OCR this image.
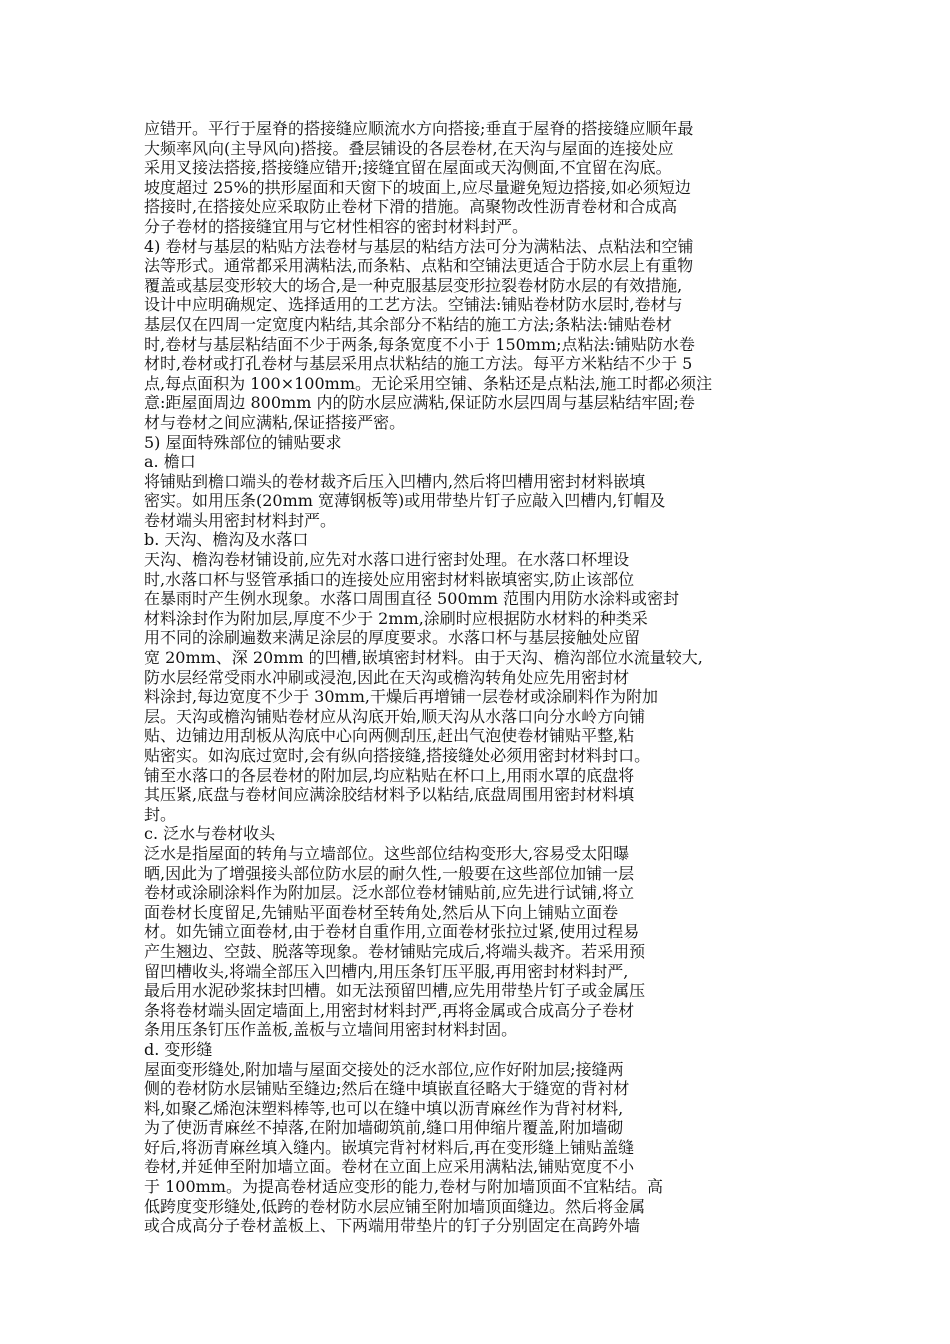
应错开。平行于屋脊的搭接缝应顺流水方向搭接;垂直于屋脊的搭接缝应顺年最
大频率风向(主导风向)搭接。叠层铺设的各层卷材,在天沟与屋面的连接处应
采用叉接法搭接,搭接缝应错开;接缝宜留在屋面或天沟侧面,不宜留在沟底。
坡度超过 25%的拱形屋面和天窗下的坡面上,应尽量避免短边搭接,如必须短边
搭接时,在搭接处应采取防止卷材下滑的措施。高聚物改性沥青卷材和合成高
分子卷材的搭接缝宜用与它材性相容的密封材料封严。
4) 卷材与基层的粘贴方法卷材与基层的粘结方法可分为满粘法、点粘法和空铺
法等形式。通常都采用满粘法,而条粘、点粘和空铺法更适合于防水层上有重物
覆盖或基层变形较大的场合,是一种克服基层变形拉裂卷材防水层的有效措施,
设计中应明确规定、选择适用的工艺方法。空铺法:铺贴卷材防水层时,卷材与
基层仅在四周一定宽度内粘结,其余部分不粘结的施工方法;条粘法:铺贴卷材
时,卷材与基层粘结面不少于两条,每条宽度不小于 150mm;点粘法:铺贴防水卷
材时,卷材或打孔卷材与基层采用点状粘结的施工方法。每平方米粘结不少于 5
点,每点面积为 100×100mm。无论采用空铺、条粘还是点粘法,施工时都必须注
意:距屋面周边 800mm 内的防水层应满粘,保证防水层四周与基层粘结牢固;卷
材与卷材之间应满粘,保证搭接严密。
5) 屋面特殊部位的铺贴要求
a. 檐口
将铺贴到檐口端头的卷材裁齐后压入凹槽内,然后将凹槽用密封材料嵌填
密实。如用压条(20mm 宽薄钢板等)或用带垫片钉子应敲入凹槽内,钉帽及
卷材端头用密封材料封严。
b. 天沟、檐沟及水落口
天沟、檐沟卷材铺设前,应先对水落口进行密封处理。在水落口杯埋设
时,水落口杯与竖管承插口的连接处应用密封材料嵌填密实,防止该部位
在暴雨时产生例水现象。水落口周围直径 500mm 范围内用防水涂料或密封
材料涂封作为附加层,厚度不少于 2mm,涂刷时应根据防水材料的种类采
用不同的涂刷遍数来满足涂层的厚度要求。水落口杯与基层接触处应留
宽 20mm、深 20mm 的凹槽,嵌填密封材料。由于天沟、檐沟部位水流量较大,
防水层经常受雨水冲刷或浸泡,因此在天沟或檐沟转角处应先用密封材
料涂封,每边宽度不少于 30mm,干燥后再增铺一层卷材或涂刷料作为附加
层。天沟或檐沟铺贴卷材应从沟底开始,顺天沟从水落口向分水岭方向铺
贴、边铺边用刮板从沟底中心向两侧刮压,赶出气泡使卷材铺贴平整,粘
贴密实。如沟底过宽时,会有纵向搭接缝,搭接缝处必须用密封材料封口。
铺至水落口的各层卷材的附加层,均应粘贴在杯口上,用雨水罩的底盘将
其压紧,底盘与卷材间应满涂胶结材料予以粘结,底盘周围用密封材料填
封。
c. 泛水与卷材收头
泛水是指屋面的转角与立墙部位。这些部位结构变形大,容易受太阳曝
晒,因此为了增强接头部位防水层的耐久性,一般要在这些部位加铺一层
卷材或涂刷涂料作为附加层。泛水部位卷材铺贴前,应先进行试铺,将立
面卷材长度留足,先铺贴平面卷材至转角处,然后从下向上铺贴立面卷
材。如先铺立面卷材,由于卷材自重作用,立面卷材张拉过紧,使用过程易
产生翘边、空鼓、脱落等现象。卷材铺贴完成后,将端头裁齐。若采用预
留凹槽收头,将端全部压入凹槽内,用压条钉压平服,再用密封材料封严,
最后用水泥砂浆抹封凹槽。如无法预留凹槽,应先用带垫片钉子或金属压
条将卷材端头固定墙面上,用密封材料封严,再将金属或合成高分子卷材
条用压条钉压作盖板,盖板与立墙间用密封材料封固。
d. 变形缝
屋面变形缝处,附加墙与屋面交接处的泛水部位,应作好附加层;接缝两
侧的卷材防水层铺贴至缝边;然后在缝中填嵌直径略大于缝宽的背衬材
料,如聚乙烯泡沫塑料棒等,也可以在缝中填以沥青麻丝作为背衬材料,
为了使沥青麻丝不掉落,在附加墙砌筑前,缝口用伸缩片覆盖,附加墙砌
好后,将沥青麻丝填入缝内。嵌填完背衬材料后,再在变形缝上铺贴盖缝
卷材,并延伸至附加墙立面。卷材在立面上应采用满粘法,铺贴宽度不小
于 100mm。为提高卷材适应变形的能力,卷材与附加墙顶面不宜粘结。高
低跨度变形缝处,低跨的卷材防水层应铺至附加墙顶面缝边。然后将金属
或合成高分子卷材盖板上、下两端用带垫片的钉子分别固定在高跨外墙
